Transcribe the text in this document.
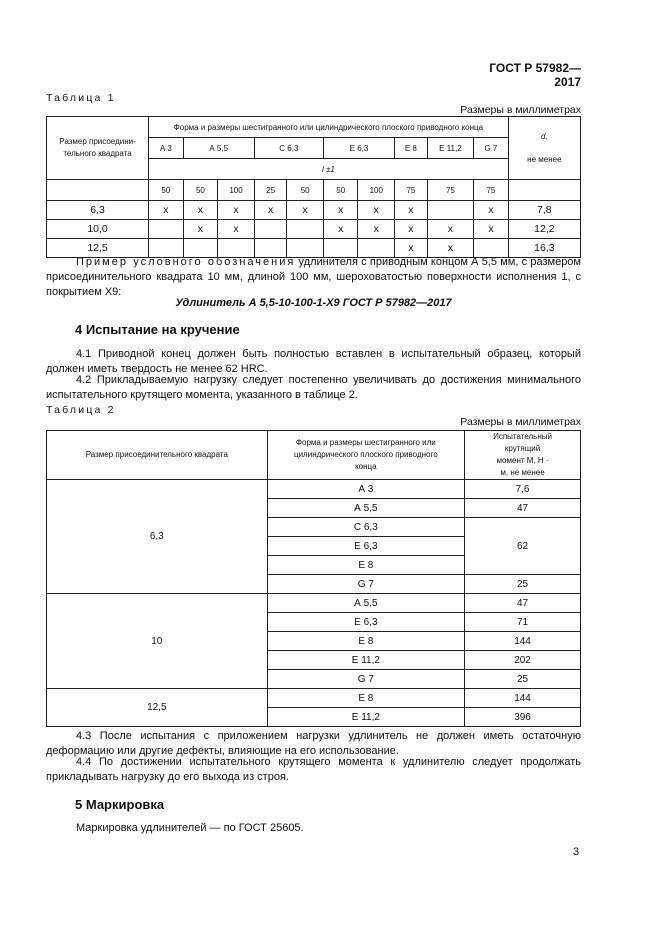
ГОСТ Р 57982—2017
Таблица 1
Размеры в миллиметрах
Размер присоедини-тельного квадрата	Форма и размеры шестигранного или цилиндрического плоского приводного конца										d,
не менее

	А 3	А 5,5		С 6,3		Е 6,3		Е 8	Е 11,2	G 7	
	l ±1										
	50	50	100	25	50	50	100	75	75	75	
6,3	x	x	x	x	x	x	x	x		x	7,8
10,0		x	x			x	x	x	x	x	12,2
12,5								x	x		16,3
Пример условного обозначения удлинителя с приводным концом А 5,5 мм, с размером присоединительного квадрата 10 мм, длиной 100 мм, шероховатостью поверхности исполнения 1, с покрытием Х9:
Удлинитель А 5,5-10-100-1-Х9 ГОСТ Р 57982—2017
4 Испытание на кручение

4.1 Приводной конец должен быть полностью вставлен в испытательный образец, который должен иметь твердость не менее 62 HRC.

4.2 Прикладываемую нагрузку следует постепенно увеличивать до достижения минимального испытательного крутящего момента, указанного в таблице 2.

Таблица 2
Размеры в миллиметрах
Размер присоединительного квадрата	Форма и размеры шестигранного или цилиндрического плоского приводного конца	Испытательный крутящий момент М, Н · м, не менее
6,3	А 3	7,6
	А 5,5	47
	С 6,3	62
	Е 6,3	
	Е 8	
	G 7	25
10	А 5,5	47
	Е 6,3	71
	Е 8	144
	Е 11,2	202
	G 7	25
12,5	Е 8	144
	Е 11,2	396

4.3 После испытания с приложением нагрузки удлинитель не должен иметь остаточную деформацию или другие дефекты, влияющие на его использование.

4.4 По достижении испытательного крутящего момента к удлинителю следует продолжать прикладывать нагрузку до его выхода из строя.

5 Маркировка

Маркировка удлинителей — по ГОСТ 25605.

3
